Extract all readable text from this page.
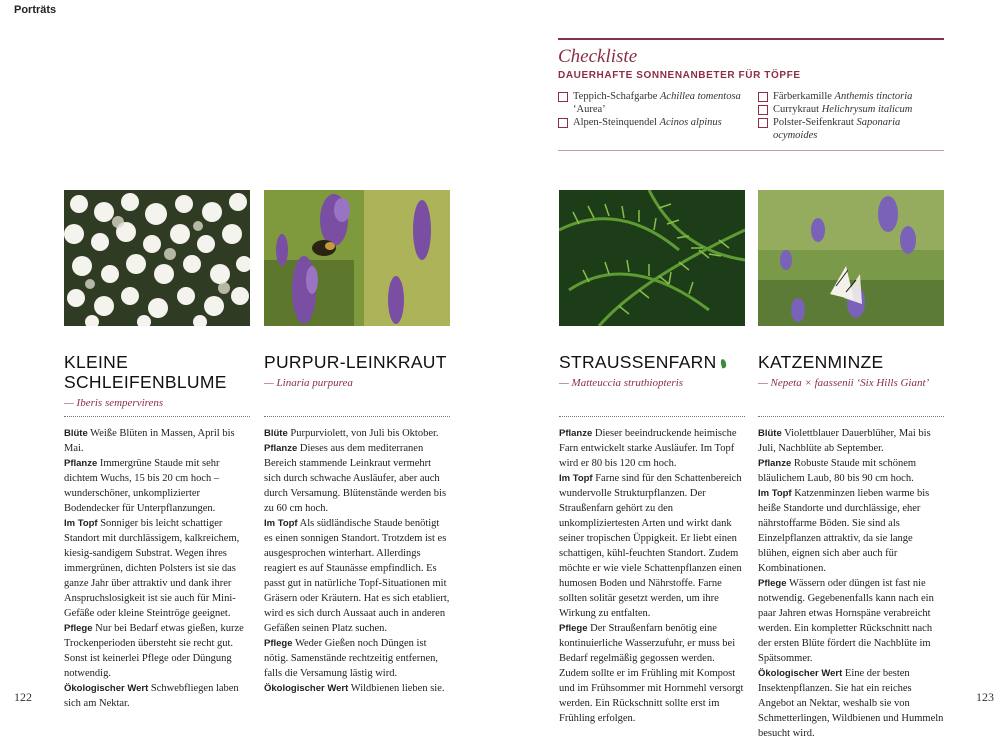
Porträts
Checkliste
DAUERHAFTE SONNENANBETER FÜR TÖPFE
Teppich-Schafgarbe Achillea tomentosa
‘Aurea’
Alpen-Steinquendel Acinos alpinus
Färberkamille Anthemis tinctoria
Currykraut Helichrysum italicum
Polster-Seifenkraut Saponaria ocymoides
KLEINE
SCHLEIFENBLUME
— Iberis sempervirens

Blüte Weiße Blüten in Massen, April bis Mai.

Pflanze Immergrüne Staude mit sehr dichtem Wuchs, 15 bis 20 cm hoch – wunderschöner, unkomplizierter Bodendecker für Unterpflanzungen.

Im Topf Sonniger bis leicht schattiger Standort mit durchlässigem, kalkreichem, kiesig-sandigem Substrat. Wegen ihres immergrünen, dichten Polsters ist sie das ganze Jahr über attraktiv und dank ihrer Anspruchslosigkeit ist sie auch für Mini-Gefäße oder kleine Steintröge geeignet.

Pflege Nur bei Bedarf etwas gießen, kurze Trockenperioden übersteht sie recht gut. Sonst ist keinerlei Pflege oder Düngung notwendig.

Ökologischer Wert Schwebfliegen laben sich am Nektar.

PURPUR-LEINKRAUT
— Linaria purpurea

Blüte Purpurviolett, von Juli bis Oktober.

Pflanze Dieses aus dem mediterranen Bereich stammende Leinkraut vermehrt sich durch schwache Ausläufer, aber auch durch Versamung. Blütenstände werden bis zu 60 cm hoch.

Im Topf Als südländische Staude benötigt es einen sonnigen Standort. Trotzdem ist es ausgesprochen winterhart. Allerdings reagiert es auf Staunässe empfindlich. Es passt gut in natürliche Topf-Situationen mit Gräsern oder Kräutern. Hat es sich etabliert, wird es sich durch Aussaat auch in anderen Gefäßen seinen Platz suchen.

Pflege Weder Gießen noch Düngen ist nötig. Samenstände rechtzeitig entfernen, falls die Versamung lästig wird.

Ökologischer Wert Wildbienen lieben sie.

STRAUSSENFARN
— Matteuccia struthiopteris

Pflanze Dieser beeindruckende heimische Farn entwickelt starke Ausläufer. Im Topf wird er 80 bis 120 cm hoch.

Im Topf Farne sind für den Schattenbereich wundervolle Strukturpflanzen. Der Straußenfarn gehört zu den unkompliziertesten Arten und wirkt dank seiner tropischen Üppigkeit. Er liebt einen schattigen, kühl-feuchten Standort. Zudem möchte er wie viele Schattenpflanzen einen humosen Boden und Nährstoffe. Farne sollten solitär gesetzt werden, um ihre Wirkung zu entfalten.

Pflege Der Straußenfarn benötig eine kontinuierliche Wasserzufuhr, er muss bei Bedarf regelmäßig gegossen werden. Zudem sollte er im Frühling mit Kompost und im Frühsommer mit Hornmehl versorgt werden. Ein Rückschnitt sollte erst im Frühling erfolgen.

KATZENMINZE
— Nepeta × faassenii ‘Six Hills Giant’

Blüte Violettblauer Dauerblüher, Mai bis Juli, Nachblüte ab September.

Pflanze Robuste Staude mit schönem bläulichem Laub, 80 bis 90 cm hoch.

Im Topf Katzenminzen lieben warme bis heiße Standorte und durchlässige, eher nährstoffarme Böden. Sie sind als Einzelpflanzen attraktiv, da sie lange blühen, eignen sich aber auch für Kombinationen.

Pflege Wässern oder düngen ist fast nie notwendig. Gegebenenfalls kann nach ein paar Jahren etwas Hornspäne verabreicht werden. Ein kompletter Rückschnitt nach der ersten Blüte fördert die Nachblüte im Spätsommer.

Ökologischer Wert Eine der besten Insektenpflanzen. Sie hat ein reiches Angebot an Nektar, weshalb sie von Schmetterlingen, Wildbienen und Hummeln besucht wird.

122	123
